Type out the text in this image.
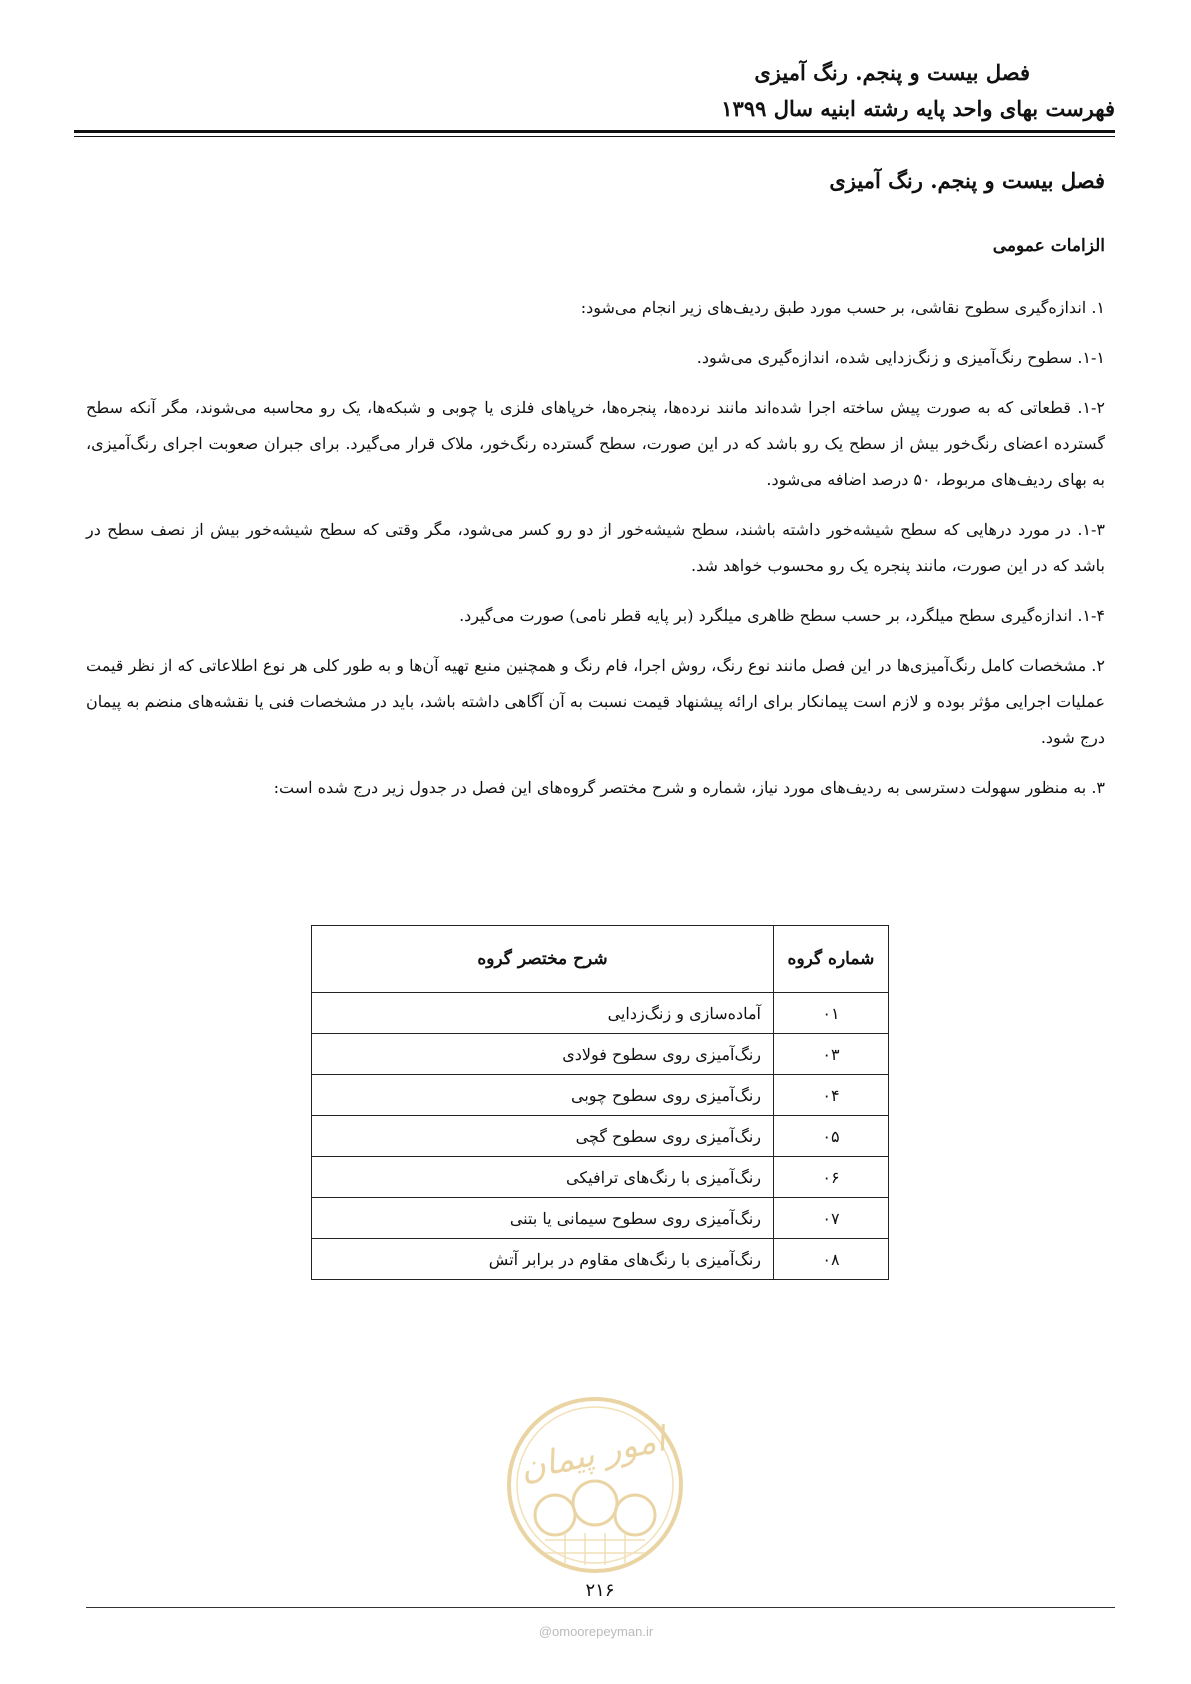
فصل بیست و پنجم. رنگ آمیزی
فهرست بهای واحد پایه رشته ابنیه سال ۱۳۹۹
فصل بیست و پنجم. رنگ آمیزی
الزامات عمومی
۱. اندازه‌گیری سطوح نقاشی، بر حسب مورد طبق ردیف‌های زیر انجام می‌شود:
۱-۱. سطوح رنگ‌آمیزی و زنگ‌زدایی شده، اندازه‌گیری می‌شود.
۱-۲. قطعاتی که به صورت پیش ساخته اجرا شده‌اند مانند نرده‌ها، پنجره‌ها، خرپاهای فلزی یا چوبی و شبکه‌ها، یک رو محاسبه می‌شوند، مگر آنکه سطح گسترده اعضای رنگ‌خور بیش از سطح یک رو باشد که در این صورت، سطح گسترده رنگ‌خور، ملاک قرار می‌گیرد. برای جبران صعوبت اجرای رنگ‌آمیزی، به بهای ردیف‌های مربوط، ۵۰ درصد اضافه می‌شود.
۱-۳. در مورد درهایی که سطح شیشه‌خور داشته باشند، سطح شیشه‌خور از دو رو کسر می‌شود، مگر وقتی که سطح شیشه‌خور بیش از نصف سطح در باشد که در این صورت، مانند پنجره یک رو محسوب خواهد شد.
۱-۴. اندازه‌گیری سطح میلگرد، بر حسب سطح ظاهری میلگرد (بر پایه قطر نامی) صورت می‌گیرد.
۲. مشخصات کامل رنگ‌آمیزی‌ها در این فصل مانند نوع رنگ، روش اجرا، فام رنگ و همچنین منبع تهیه آن‌ها و به طور کلی هر نوع اطلاعاتی که از نظر قیمت عملیات اجرایی مؤثر بوده و لازم است پیمانکار برای ارائه پیشنهاد قیمت نسبت به آن آگاهی داشته باشد، باید در مشخصات فنی یا نقشه‌های منضم به پیمان درج شود.
۳. به منظور سهولت دسترسی به ردیف‌های مورد نیاز، شماره و شرح مختصر گروه‌های این فصل در جدول زیر درج شده است:
شماره گروه	شرح مختصر گروه
۰۱	آماده‌سازی و زنگ‌زدایی
۰۳	رنگ‌آمیزی روی سطوح فولادی
۰۴	رنگ‌آمیزی روی سطوح چوبی
۰۵	رنگ‌آمیزی روی سطوح گچی
۰۶	رنگ‌آمیزی با رنگ‌های ترافیکی
۰۷	رنگ‌آمیزی روی سطوح سیمانی یا بتنی
۰۸	رنگ‌آمیزی با رنگ‌های مقاوم در برابر آتش
امور پیمان
۲۱۶
@omoorepeyman.ir
